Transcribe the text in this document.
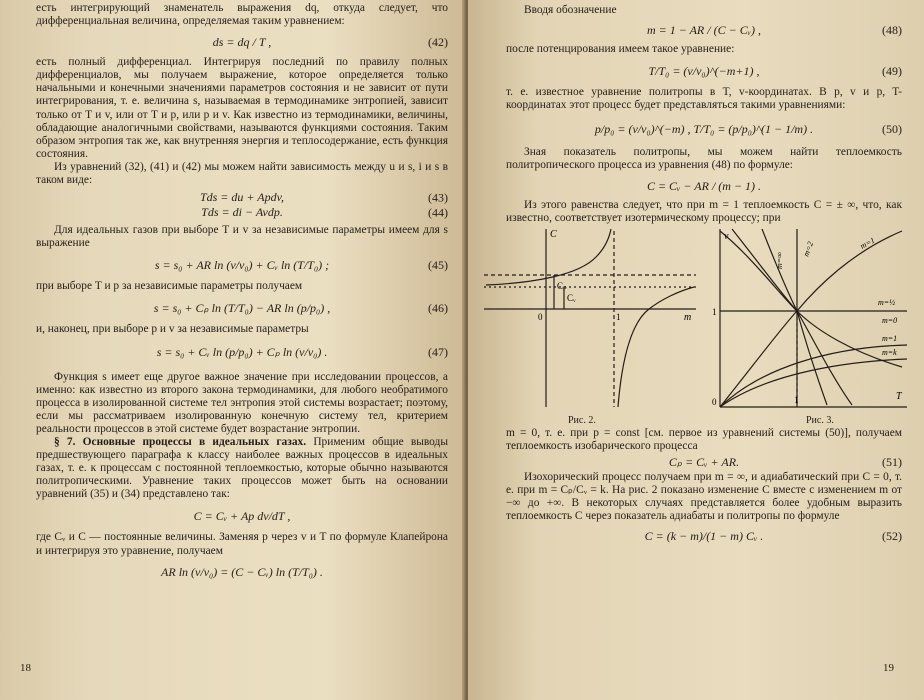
есть интегрирующий знаменатель выражения dq, откуда следует, что дифференциальная величина, определяемая таким уравнением:

ds = dq / T ,	(42)

есть полный дифференциал. Интегрируя последний по правилу полных дифференциалов, мы получаем выражение, которое определяется только начальными и конечными значениями параметров состояния и не зависит от пути интегрирования, т. е. величина s, называемая в термодинамике энтропией, зависит только от T и v, или от T и p, или p и v. Как известно из термодинамики, величины, обладающие аналогичными свойствами, называются функциями состояния. Таким образом энтропия так же, как внутренняя энергия и теплосодержание, есть функция состояния.

Из уравнений (32), (41) и (42) мы можем найти зависимость между u и s, i и s в таком виде:

Tds = du + Apdv,	(43)
Tds = di − Avdp.	(44)

Для идеальных газов при выборе T и v за независимые параметры имеем для s выражение

s = s₀ + AR ln (v/v₀) + Cᵥ ln (T/T₀) ;	(45)

при выборе T и p за независимые параметры получаем

s = s₀ + Cₚ ln (T/T₀) − AR ln (p/p₀) ,	(46)

и, наконец, при выборе p и v за независимые параметры

s = s₀ + Cᵥ ln (p/p₀) + Cₚ ln (v/v₀) .	(47)

Функция s имеет еще другое важное значение при исследовании процессов, а именно: как известно из второго закона термодинамики, для любого необратимого процесса в изолированной системе тел энтропия этой системы возрастает; поэтому, если мы рассматриваем изолированную конечную систему тел, критерием реальности процессов в этой системе будет возрастание энтропии.

§ 7. Основные процессы в идеальных газах. Применим общие выводы предшествующего параграфа к классу наиболее важных процессов в идеальных газах, т. е. к процессам с постоянной теплоемкостью, которые обычно называются политропическими. Уравнение таких процессов может быть на основании уравнений (35) и (34) представлено так:

C = Cᵥ + Ap dv/dT ,

где Cᵥ и C — постоянные величины. Заменяя p через v и T по формуле Клапейрона и интегрируя это уравнение, получаем

AR ln (v/v₀) = (C − Cᵥ) ln (T/T₀) .
18

Вводя обозначение

m = 1 − AR / (C − Cᵥ) ,	(48)

после потенцирования имеем такое уравнение:

T/T₀ = (v/v₀)^(−m+1) ,	(49)

т. е. известное уравнение политропы в T, v-координатах. В p, v и p, T-координатах этот процесс будет представляться такими уравнениями:

p/p₀ = (v/v₀)^(−m) , T/T₀ = (p/p₀)^(1 − 1/m) .	(50)

Зная показатель политропы, мы можем найти теплоемкость политропического процесса из уравнения (48) по формуле:

C = Cᵥ − AR / (m − 1) .

Из этого равенства следует, что при m = 1 теплоемкость C = ± ∞, что, как известно, соответствует изотермическому процессу; при

C
0	1	m
Cᵥ
Cₚ
Рис. 2.
v
0
1
1	T
m=∞
m=2	m=1
m=½
m=0
m=1
m=k
Рис. 3.

m = 0, т. е. при p = const [см. первое из уравнений системы (50)], получаем теплоемкость изобарического процесса

Cₚ = Cᵥ + AR.	(51)

Изохорический процесс получаем при m = ∞, и адиабатический при C = 0, т. е. при m = Cₚ/Cᵥ = k. На рис. 2 показано изменение C вместе с изменением m от −∞ до +∞. В некоторых случаях представляется более удобным выразить теплоемкость C через показатель адиабаты и политропы по формуле

C = (k − m)/(1 − m) Cᵥ .	(52)
19
